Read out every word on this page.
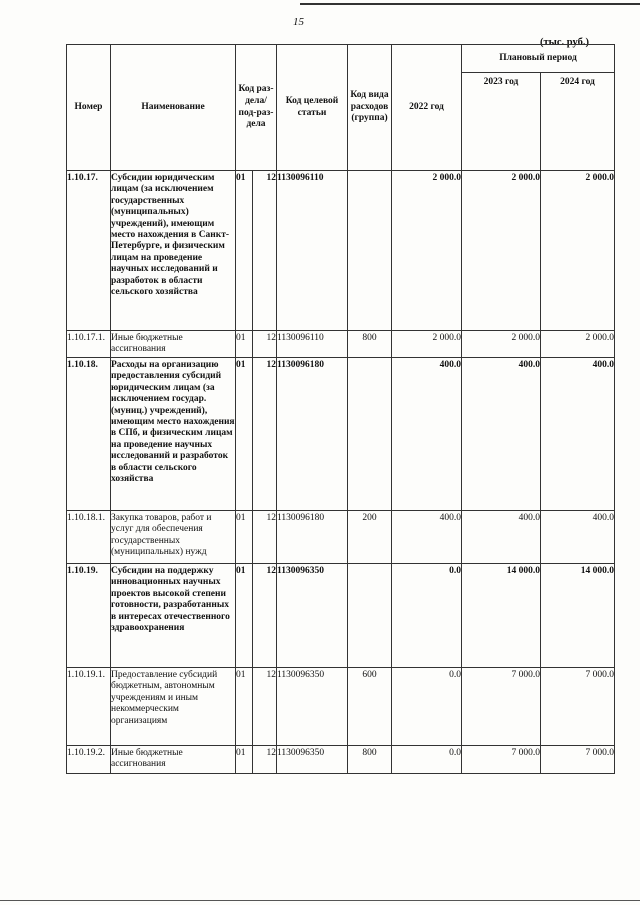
15
(тыс. руб.)
Номер	Наименование	Код раз-дела/ под-раз-дела		Код целевой статьи	Код вида расходов (группа)	2022 год	Плановый период	
							2023 год	2024 год
1.10.17.	Субсидии юридическим лицам (за исключением государственных (муниципальных) учреждений), имеющим место нахождения в Санкт-Петербурге, и физическим лицам на проведение научных исследований и разработок в области сельского хозяйства	01	12	1130096110		2 000.0	2 000.0	2 000.0
1.10.17.1.	Иные бюджетные ассигнования	01	12	1130096110	800	2 000.0	2 000.0	2 000.0
1.10.18.	Расходы на организацию предоставления субсидий юридическим лицам (за исключением государ. (муниц.) учреждений), имеющим место нахождения в СПб, и физическим лицам на проведение научных исследований и разработок в области сельского хозяйства	01	12	1130096180		400.0	400.0	400.0
1.10.18.1.	Закупка товаров, работ и услуг для обеспечения государственных (муниципальных) нужд	01	12	1130096180	200	400.0	400.0	400.0
1.10.19.	Субсидии на поддержку инновационных научных проектов высокой степени готовности, разработанных в интересах отечественного здравоохранения	01	12	1130096350		0.0	14 000.0	14 000.0
1.10.19.1.	Предоставление субсидий бюджетным, автономным учреждениям и иным некоммерческим организациям	01	12	1130096350	600	0.0	7 000.0	7 000.0
1.10.19.2.	Иные бюджетные ассигнования	01	12	1130096350	800	0.0	7 000.0	7 000.0
